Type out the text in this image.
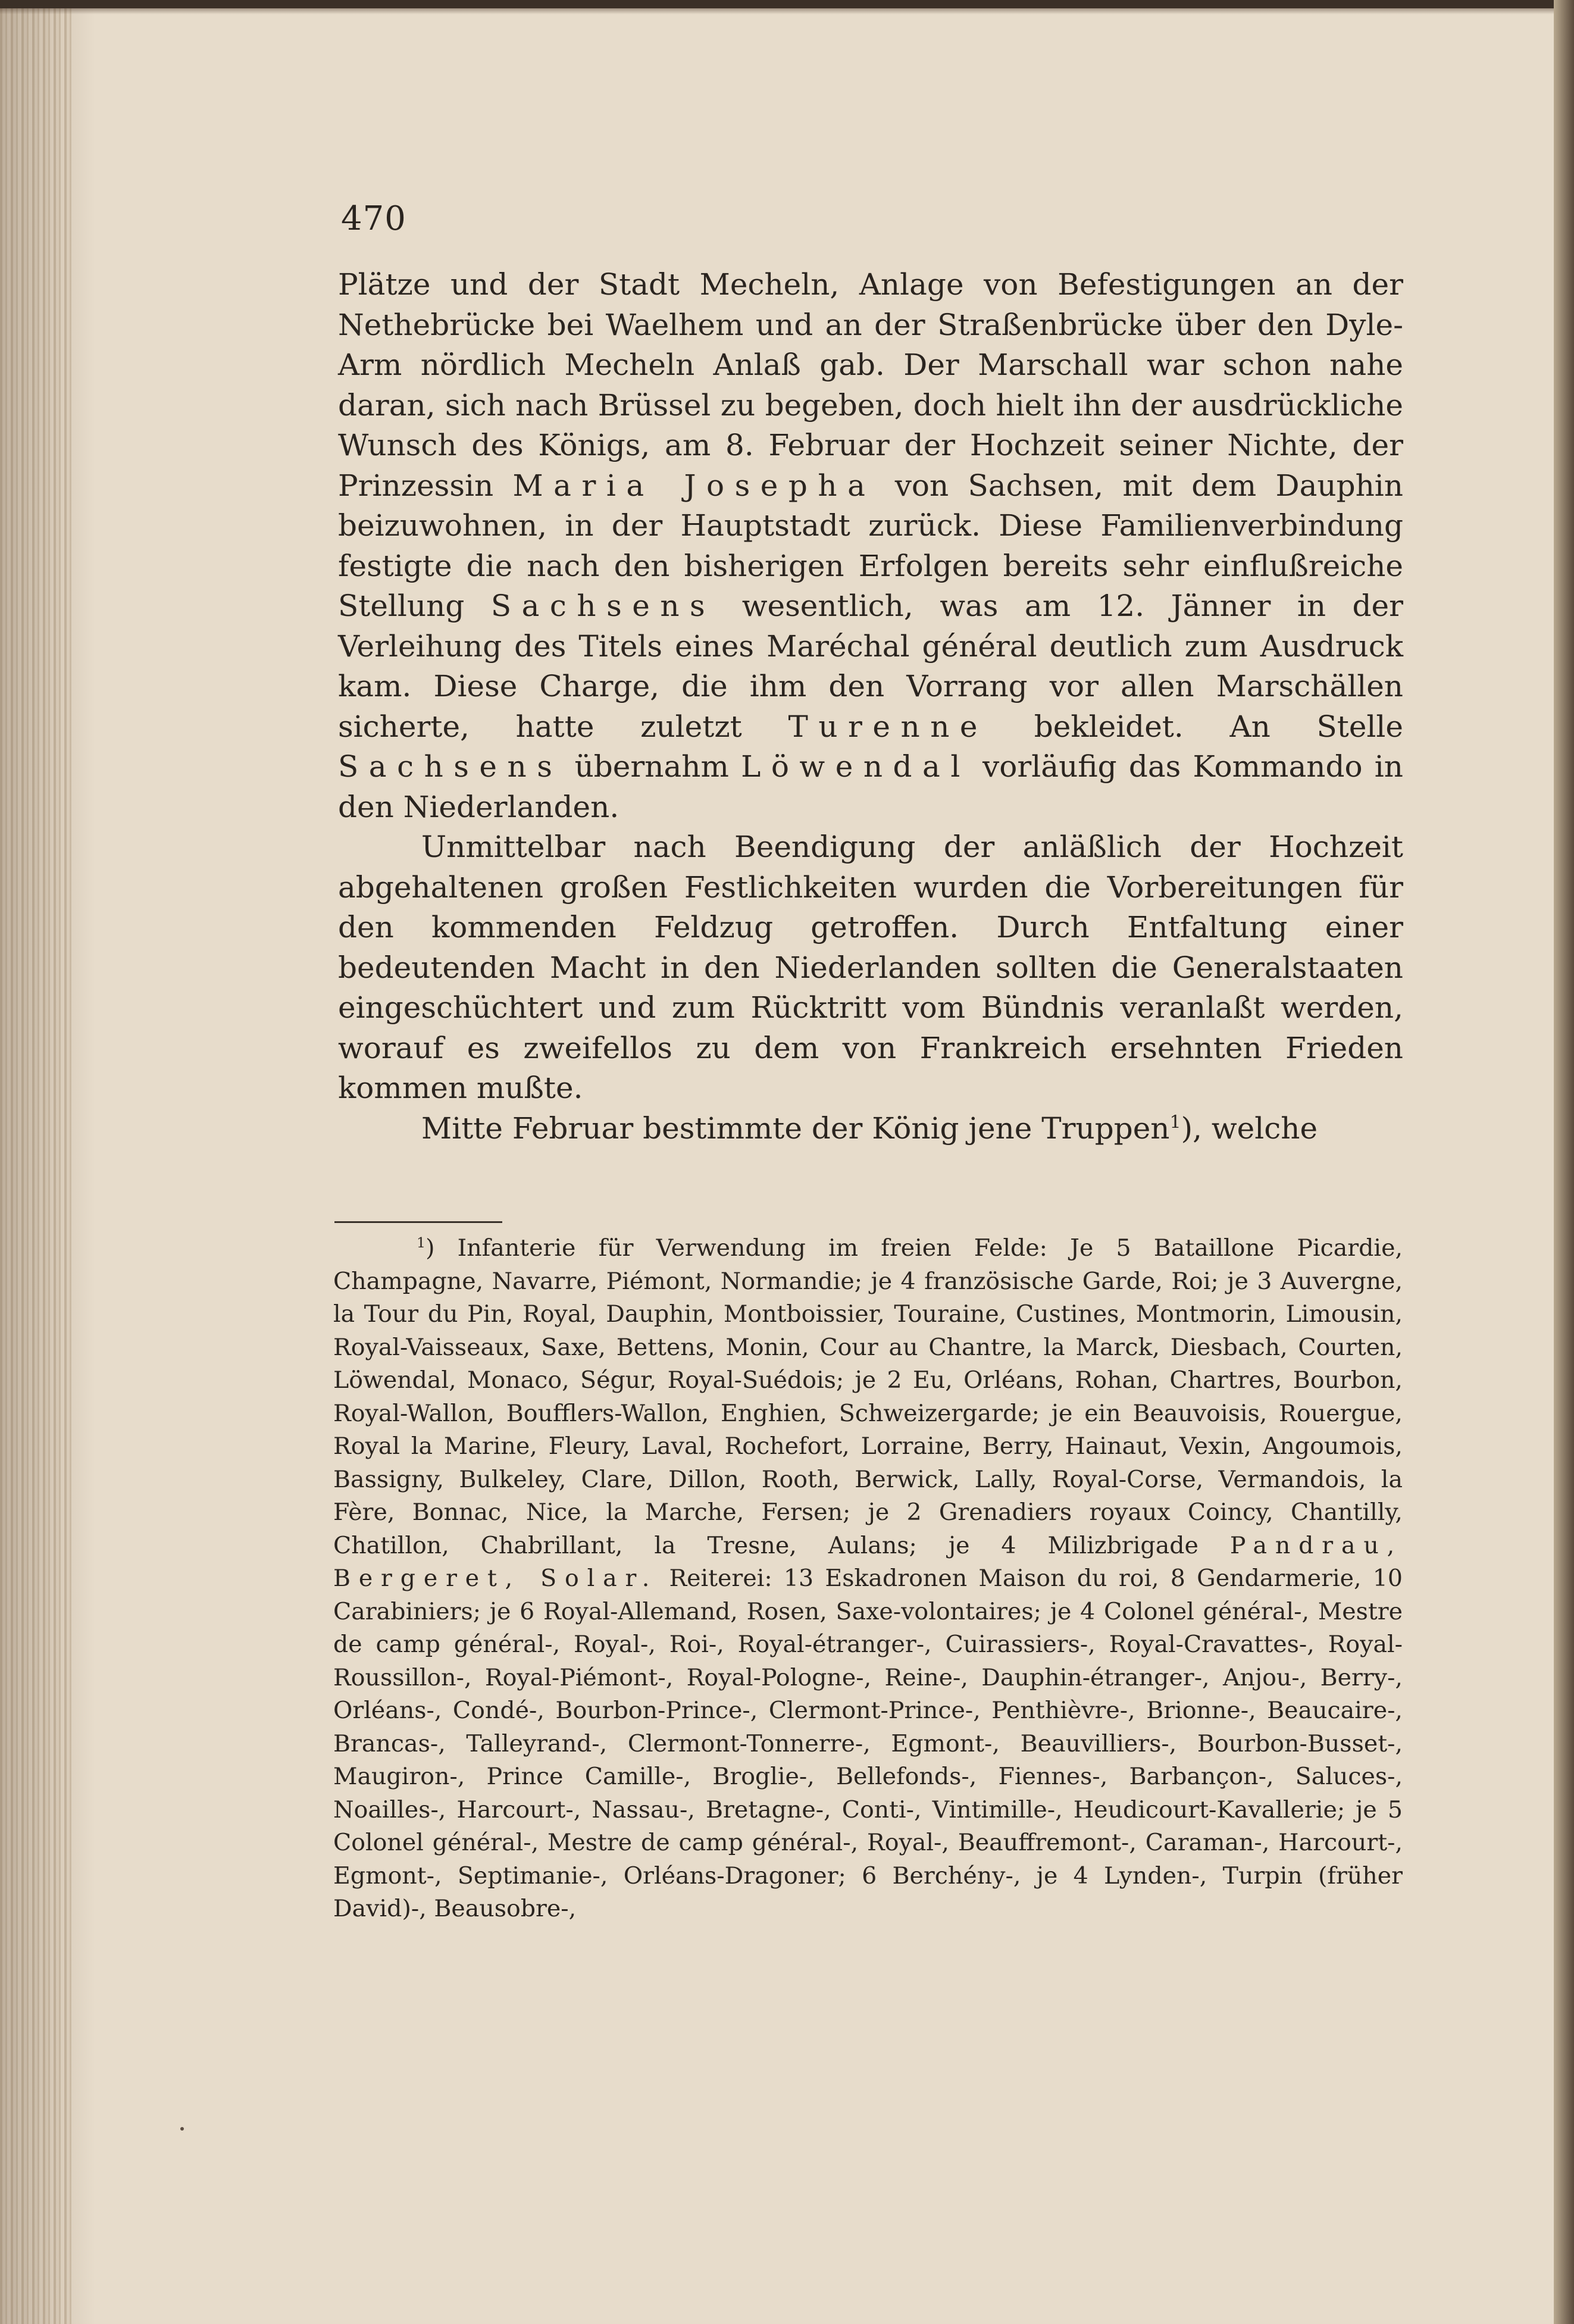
470

Plätze und der Stadt Mecheln, Anlage von Befestigungen an der Nethebrücke bei Waelhem und an der Straßenbrücke über den Dyle-Arm nördlich Mecheln Anlaß gab. Der Marschall war schon nahe daran, sich nach Brüssel zu begeben, doch hielt ihn der ausdrückliche Wunsch des Königs, am 8. Februar der Hochzeit seiner Nichte, der Prinzessin Maria Josepha von Sachsen, mit dem Dauphin beizuwohnen, in der Hauptstadt zurück. Diese Familienverbindung festigte die nach den bisherigen Erfolgen bereits sehr einflußreiche Stellung Sachsens wesentlich, was am 12. Jänner in der Verleihung des Titels eines Maréchal général deutlich zum Ausdruck kam. Diese Charge, die ihm den Vorrang vor allen Marschällen sicherte, hatte zuletzt Turenne bekleidet. An Stelle Sachsens übernahm Löwendal vorläufig das Kommando in den Niederlanden.

Unmittelbar nach Beendigung der anläßlich der Hochzeit abgehaltenen großen Festlichkeiten wurden die Vorbereitungen für den kommenden Feldzug getroffen. Durch Entfaltung einer bedeutenden Macht in den Niederlanden sollten die Generalstaaten eingeschüchtert und zum Rücktritt vom Bündnis veranlaßt werden, worauf es zweifellos zu dem von Frankreich ersehnten Frieden kommen mußte.

Mitte Februar bestimmte der König jene Truppen$^1$), welche

$^1$) Infanterie für Verwendung im freien Felde: Je 5 Bataillone Picardie, Champagne, Navarre, Piémont, Normandie; je 4 französische Garde, Roi; je 3 Auvergne, la Tour du Pin, Royal, Dauphin, Montboissier, Touraine, Custines, Montmorin, Limousin, Royal-Vaisseaux, Saxe, Bettens, Monin, Cour au Chantre, la Marck, Diesbach, Courten, Löwendal, Monaco, Ségur, Royal-Suédois; je 2 Eu, Orléans, Rohan, Chartres, Bourbon, Royal-Wallon, Boufflers-Wallon, Enghien, Schweizergarde; je ein Beauvoisis, Rouergue, Royal la Marine, Fleury, Laval, Rochefort, Lorraine, Berry, Hainaut, Vexin, Angoumois, Bassigny, Bulkeley, Clare, Dillon, Rooth, Berwick, Lally, Royal-Corse, Vermandois, la Fère, Bonnac, Nice, la Marche, Fersen; je 2 Grenadiers royaux Coincy, Chantilly, Chatillon, Chabrillant, la Tresne, Aulans; je 4 Milizbrigade Pandrau, Bergeret, Solar. Reiterei: 13 Eskadronen Maison du roi, 8 Gendarmerie, 10 Carabiniers; je 6 Royal-Allemand, Rosen, Saxe-volontaires; je 4 Colonel général-, Mestre de camp général-, Royal-, Roi-, Royal-étranger-, Cuirassiers-, Royal-Cravattes-, Royal-Roussillon-, Royal-Piémont-, Royal-Pologne-, Reine-, Dauphin-étranger-, Anjou-, Berry-, Orléans-, Condé-, Bourbon-Prince-, Clermont-Prince-, Penthièvre-, Brionne-, Beaucaire-, Brancas-, Talleyrand-, Clermont-Tonnerre-, Egmont-, Beauvilliers-, Bourbon-Busset-, Maugiron-, Prince Camille-, Broglie-, Bellefonds-, Fiennes-, Barbançon-, Saluces-, Noailles-, Harcourt-, Nassau-, Bretagne-, Conti-, Vintimille-, Heudicourt-Kavallerie; je 5 Colonel général-, Mestre de camp général-, Royal-, Beauffremont-, Caraman-, Harcourt-, Egmont-, Septimanie-, Orléans-Dragoner; 6 Berchény-, je 4 Lynden-, Turpin (früher David)-, Beausobre-,
